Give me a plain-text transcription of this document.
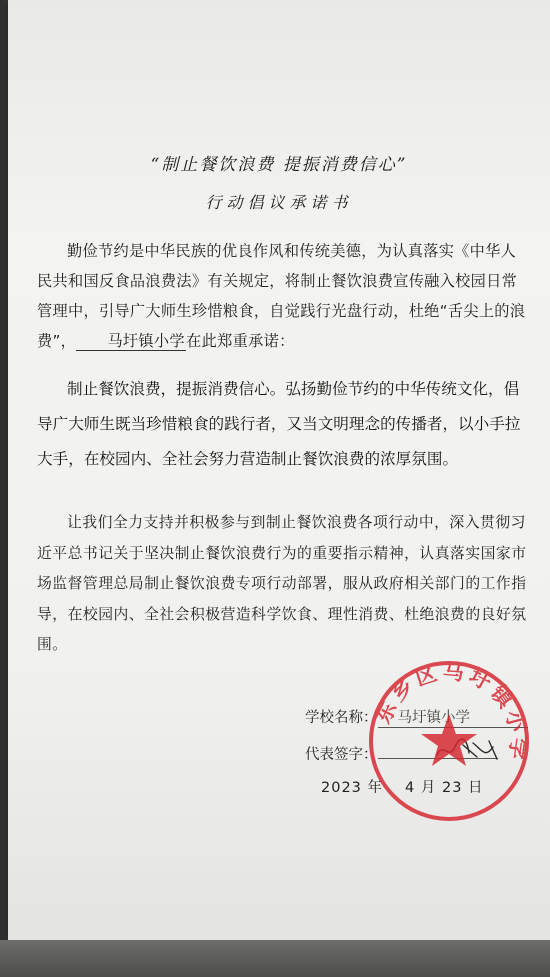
“制止餐饮浪费 提振消费信心”
行动倡议承诺书

勤俭节约是中华民族的优良作风和传统美德，为认真落实《中华人民共和国反食品浪费法》有关规定，将制止餐饮浪费宣传融入校园日常管理中，引导广大师生珍惜粮食，自觉践行光盘行动，杜绝“舌尖上的浪费”， 马圩镇小学在此郑重承诺：

制止餐饮浪费，提振消费信心。弘扬勤俭节约的中华传统文化，倡导广大师生既当珍惜粮食的践行者，又当文明理念的传播者，以小手拉大手，在校园内、全社会努力营造制止餐饮浪费的浓厚氛围。

让我们全力支持并积极参与到制止餐饮浪费各项行动中，深入贯彻习近平总书记关于坚决制止餐饮浪费行为的重要指示精神，认真落实国家市场监督管理总局制止餐饮浪费专项行动部署，服从政府相关部门的工作指导，在校园内、全社会积极营造科学饮食、理性消费、杜绝浪费的良好氛围。

学校名称： 马圩镇小学
代表签字：
2023 年 4 月 23 日
东乡区马圩镇小学
